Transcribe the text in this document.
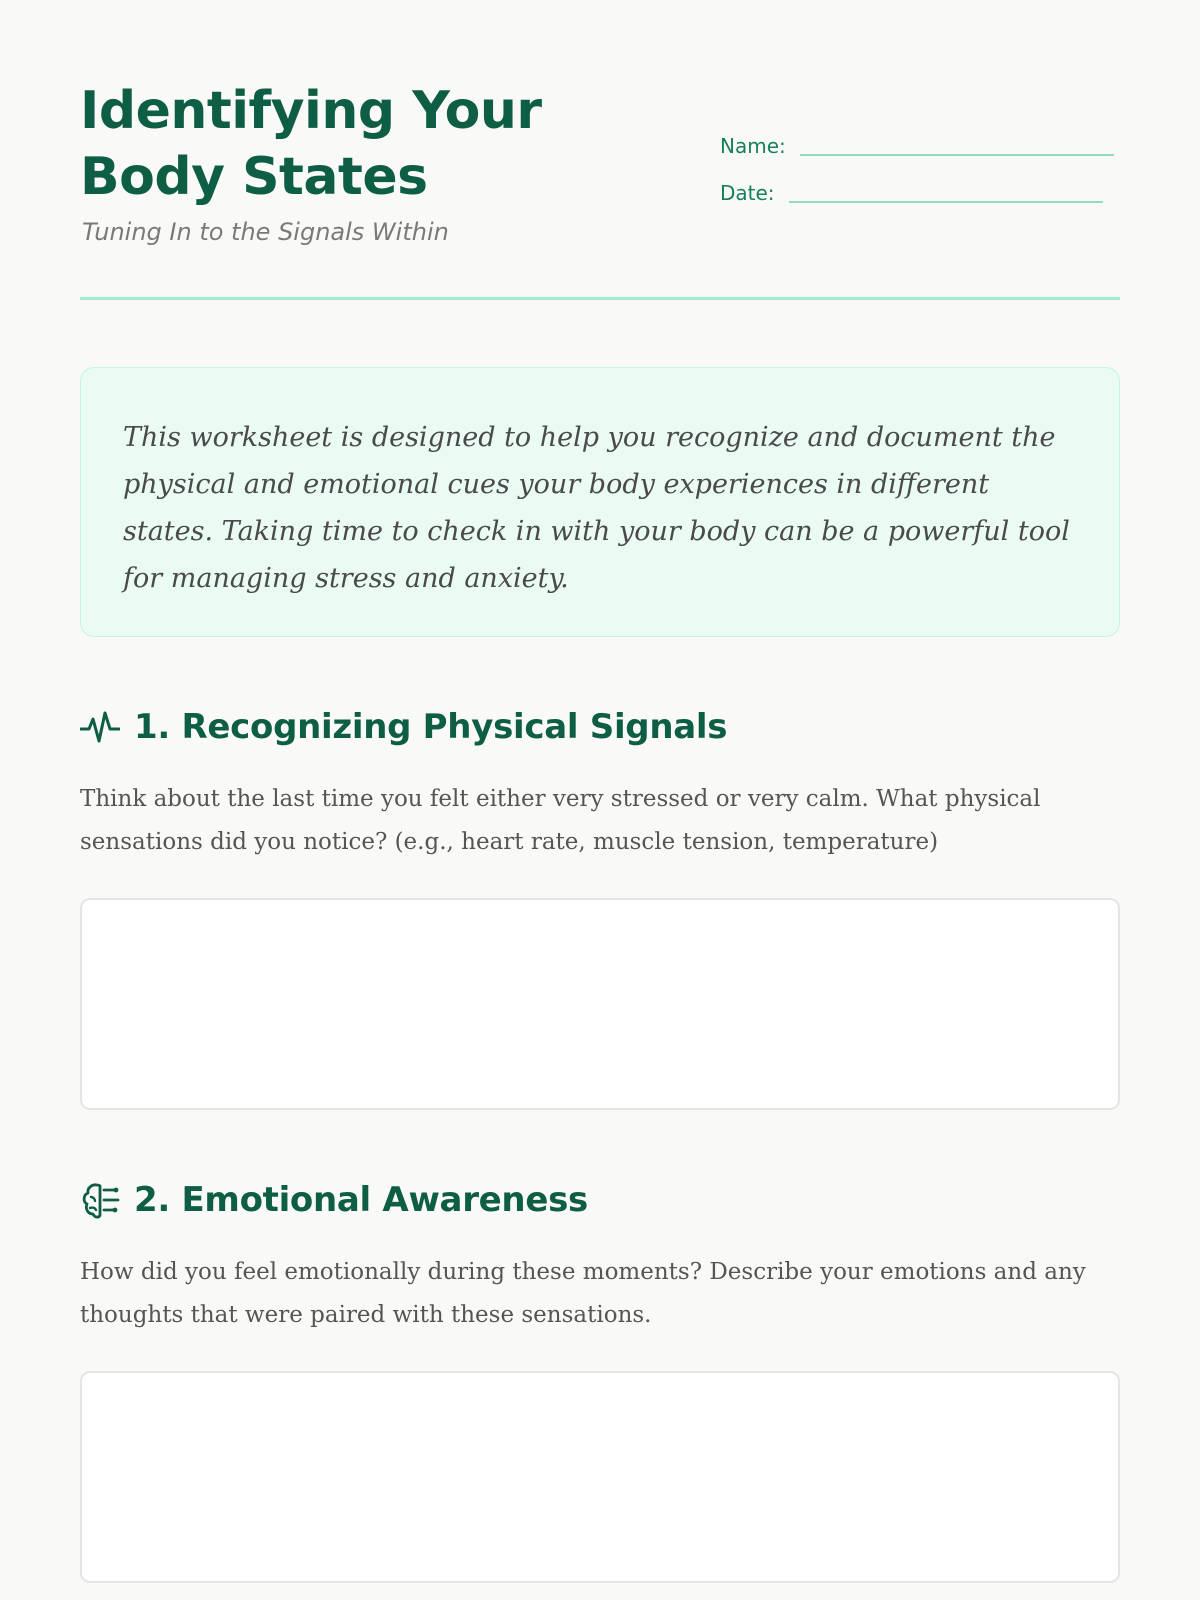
Identifying Your Body States

Tuning In to the Signals Within

Name:
Date:

This worksheet is designed to help you recognize and document the physical and emotional cues your body experiences in different states. Taking time to check in with your body can be a powerful tool for managing stress and anxiety.

1. Recognizing Physical Signals

Think about the last time you felt either very stressed or very calm. What physical sensations did you notice? (e.g., heart rate, muscle tension, temperature)

2. Emotional Awareness

How did you feel emotionally during these moments? Describe your emotions and any thoughts that were paired with these sensations.
